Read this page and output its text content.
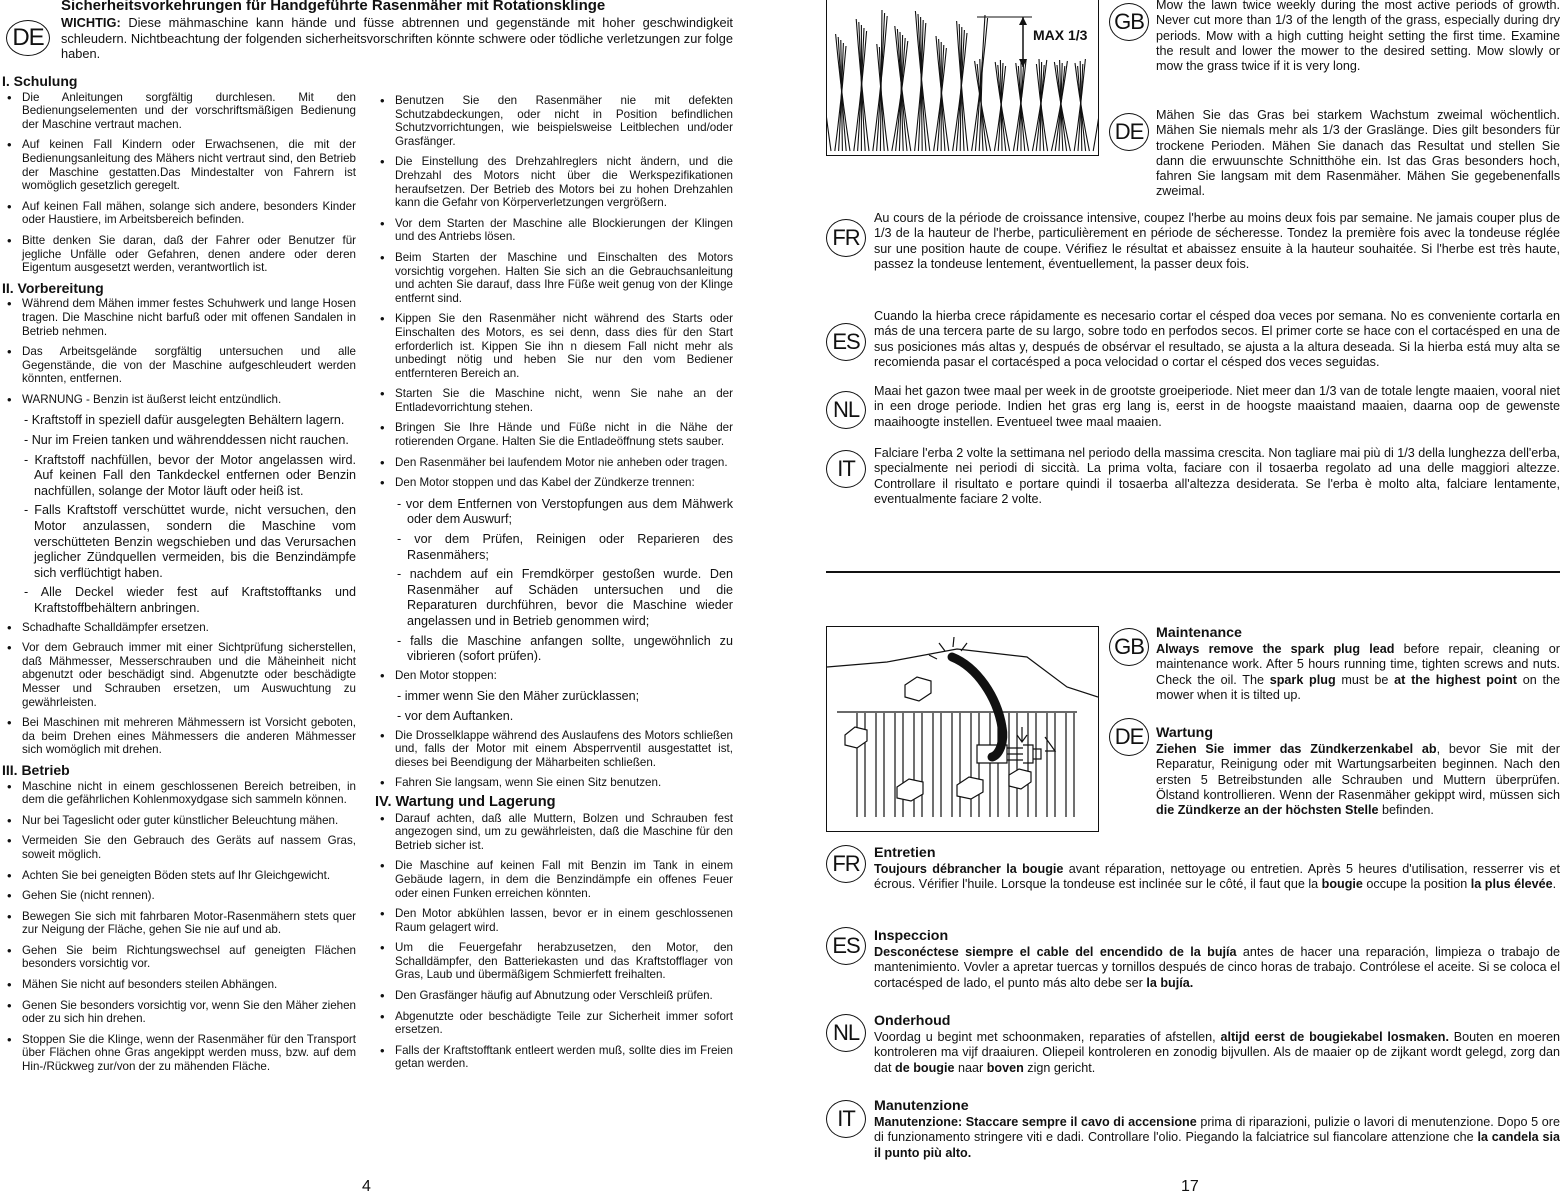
DE
Sicherheitsvorkehrungen für Handgeführte Rasenmäher mit Rotationsklinge
WICHTIG: Diese mähmaschine kann hände und füsse abtrennen und gegenstände mit hoher geschwindigkeit schleudern. Nichtbeachtung der folgenden sicherheitsvorschriften könnte schwere oder tödliche verletzungen zur folge haben.
I. Schulung
• Die Anleitungen sorgfältig durchlesen. Mit den Bedienungselementen und der vorschriftsmäßigen Bedienung der Maschine vertraut machen.
• Auf keinen Fall Kindern oder Erwachsenen, die mit der Bedienungsanleitung des Mähers nicht vertraut sind, den Betrieb der Maschine gestatten.Das Mindestalter von Fahrern ist womöglich gesetzlich geregelt.
• Auf keinen Fall mähen, solange sich andere, besonders Kinder oder Haustiere, im Arbeitsbereich befinden.
• Bitte denken Sie daran, daß der Fahrer oder Benutzer für jegliche Unfälle oder Gefahren, denen andere oder deren Eigentum ausgesetzt werden, verantwortlich ist.
II. Vorbereitung
• Während dem Mähen immer festes Schuhwerk und lange Hosen tragen. Die Maschine nicht barfuß oder mit offenen Sandalen in Betrieb nehmen.
• Das Arbeitsgelände sorgfältig untersuchen und alle Gegenstände, die von der Maschine aufgeschleudert werden könnten, entfernen.
• WARNUNG - Benzin ist äußerst leicht entzündlich.
- Kraftstoff in speziell dafür ausgelegten Behältern lagern.
- Nur im Freien tanken und währenddessen nicht rauchen.
- Kraftstoff nachfüllen, bevor der Motor angelassen wird. Auf keinen Fall den Tankdeckel entfernen oder Benzin nachfüllen, solange der Motor läuft oder heiß ist.
- Falls Kraftstoff verschüttet wurde, nicht versuchen, den Motor anzulassen, sondern die Maschine vom verschütteten Benzin wegschieben und das Verursachen jeglicher Zündquellen vermeiden, bis die Benzindämpfe sich verflüchtigt haben.
- Alle Deckel wieder fest auf Kraftstofftanks und Kraftstoffbehältern anbringen.
• Schadhafte Schalldämpfer ersetzen.
• Vor dem Gebrauch immer mit einer Sichtprüfung sicherstellen, daß Mähmesser, Messerschrauben und die Mäheinheit nicht abgenutzt oder beschädigt sind. Abgenutzte oder beschädigte Messer und Schrauben ersetzen, um Auswuchtung zu gewährleisten.
• Bei Maschinen mit mehreren Mähmessern ist Vorsicht geboten, da beim Drehen eines Mähmessers die anderen Mähmesser sich womöglich mit drehen.
III. Betrieb
• Maschine nicht in einem geschlossenen Bereich betreiben, in dem die gefährlichen Kohlenmoxydgase sich sammeln können.
• Nur bei Tageslicht oder guter künstlicher Beleuchtung mähen.
• Vermeiden Sie den Gebrauch des Geräts auf nassem Gras, soweit möglich.
• Achten Sie bei geneigten Böden stets auf Ihr Gleichgewicht.
• Gehen Sie (nicht rennen).
• Bewegen Sie sich mit fahrbaren Motor-Rasenmähern stets quer zur Neigung der Fläche, gehen Sie nie auf und ab.
• Gehen Sie beim Richtungswechsel auf geneigten Flächen besonders vorsichtig vor.
• Mähen Sie nicht auf besonders steilen Abhängen.
• Genen Sie besonders vorsichtig vor, wenn Sie den Mäher ziehen oder zu sich hin drehen.
• Stoppen Sie die Klinge, wenn der Rasenmäher für den Transport über Flächen ohne Gras angekippt werden muss, bzw. auf dem Hin-/Rückweg zur/von der zu mähenden Fläche.
• Benutzen Sie den Rasenmäher nie mit defekten Schutzabdeckungen, oder nicht in Position befindlichen Schutzvorrichtungen, wie beispielsweise Leitblechen und/oder Grasfänger.
• Die Einstellung des Drehzahlreglers nicht ändern, und die Drehzahl des Motors nicht über die Werkspezifikationen heraufsetzen. Der Betrieb des Motors bei zu hohen Drehzahlen kann die Gefahr von Körperverletzungen vergrößern.
• Vor dem Starten der Maschine alle Blockierungen der Klingen und des Antriebs lösen.
• Beim Starten der Maschine und Einschalten des Motors vorsichtig vorgehen. Halten Sie sich an die Gebrauchsanleitung und achten Sie darauf, dass Ihre Füße weit genug von der Klinge entfernt sind.
• Kippen Sie den Rasenmäher nicht während des Starts oder Einschalten des Motors, es sei denn, dass dies für den Start erforderlich ist. Kippen Sie ihn n diesem Fall nicht mehr als unbedingt nötig und heben Sie nur den vom Bediener entfernteren Bereich an.
• Starten Sie die Maschine nicht, wenn Sie nahe an der Entladevorrichtung stehen.
• Bringen Sie Ihre Hände und Füße nicht in die Nähe der rotierenden Organe. Halten Sie die Entladeöffnung stets sauber.
• Den Rasenmäher bei laufendem Motor nie anheben oder tragen.
• Den Motor stoppen und das Kabel der Zündkerze trennen:
- vor dem Entfernen von Verstopfungen aus dem Mähwerk oder dem Auswurf;
- vor dem Prüfen, Reinigen oder Reparieren des Rasenmähers;
- nachdem auf ein Fremdkörper gestoßen wurde. Den Rasenmäher auf Schäden untersuchen und die Reparaturen durchführen, bevor die Maschine wieder angelassen und in Betrieb genommen wird;
- falls die Maschine anfangen sollte, ungewöhnlich zu vibrieren (sofort prüfen).
• Den Motor stoppen:
- immer wenn Sie den Mäher zurücklassen;
- vor dem Auftanken.
• Die Drosselklappe während des Auslaufens des Motors schließen und, falls der Motor mit einem Absperrventil ausgestattet ist, dieses bei Beendigung der Mäharbeiten schließen.
• Fahren Sie langsam, wenn Sie einen Sitz benutzen.
IV. Wartung und Lagerung
• Darauf achten, daß alle Muttern, Bolzen und Schrauben fest angezogen sind, um zu gewährleisten, daß die Maschine für den Betrieb sicher ist.
• Die Maschine auf keinen Fall mit Benzin im Tank in einem Gebäude lagern, in dem die Benzindämpfe ein offenes Feuer oder einen Funken erreichen könnten.
• Den Motor abkühlen lassen, bevor er in einem geschlossenen Raum gelagert wird.
• Um die Feuergefahr herabzusetzen, den Motor, den Schalldämpfer, den Batteriekasten und das Kraftstofflager von Gras, Laub und übermäßigem Schmierfett freihalten.
• Den Grasfänger häufig auf Abnutzung oder Verschleiß prüfen.
• Abgenutzte oder beschädigte Teile zur Sicherheit immer sofort ersetzen.
• Falls der Kraftstofftank entleert werden muß, sollte dies im Freien getan werden.
4
MAX 1/3
GB
Mow the lawn twice weekly during the most active periods of growth. Never cut more than 1/3 of the length of the grass, especially during dry periods. Mow with a high cutting height setting the first time. Examine the result and lower the mower to the desired setting. Mow slowly or mow the grass twice if it is very long.
DE
Mähen Sie das Gras bei starkem Wachstum zweimal wöchentlich. Mähen Sie niemals mehr als 1/3 der Graslänge. Dies gilt besonders für trockene Perioden. Mähen Sie danach das Resultat und stellen Sie dann die erwuunschte Schnitthöhe ein. Ist das Gras besonders hoch, fahren Sie langsam mit dem Rasenmäher. Mähen Sie gegebenenfalls zweimal.
FR
Au cours de la période de croissance intensive, coupez l'herbe au moins deux fois par semaine. Ne jamais couper plus de 1/3 de la hauteur de l'herbe, particulièrement en période de sécheresse. Tondez la première fois avec la tondeuse réglée sur une position haute de coupe. Vérifiez le résultat et abaissez ensuite à la hauteur souhaitée. Si l'herbe est très haute, passez la tondeuse lentement, éventuellement, la passer deux fois.
ES
Cuando la hierba crece rápidamente es necesario cortar el césped doa veces por semana. No es conveniente cortarla en más de una tercera parte de su largo, sobre todo en perfodos secos. El primer corte se hace con el cortacésped en una de sus posiciones más altas y, después de obsérvar el resultado, se ajusta a la altura deseada. Si la hierba está muy alta se recomienda pasar el cortacésped a poca velocidad o cortar el césped dos veces seguidas.
NL
Maai het gazon twee maal per week in de grootste groeiperiode. Niet meer dan 1/3 van de totale lengte maaien, vooral niet in een droge periode. Indien het gras erg lang is, eerst in de hoogste maaistand maaien, daarna oop de gewenste maaihoogte instellen. Eventueel twee maal maaien.
IT
Falciare l'erba 2 volte la settimana nel periodo della massima crescita. Non tagliare mai più di 1/3 della lunghezza dell'erba, specialmente nei periodi di siccità. La prima volta, faciare con il tosaerba regolato ad una delle maggiori altezze. Controllare il risultato e portare quindi il tosaerba all'altezza desiderata. Se l'erba è molto alta, falciare lentamente, eventualmente faciare 2 volte.
GB
Maintenance
Always remove the spark plug lead before repair, cleaning or maintenance work. After 5 hours running time, tighten screws and nuts. Check the oil. The spark plug must be at the highest point on the mower when it is tilted up.
DE Wartung
Ziehen Sie immer das Zündkerzenkabel ab, bevor Sie mit der Reparatur, Reinigung oder mit Wartungsarbeiten beginnen. Nach den ersten 5 Betreibstunden alle Schrauben und Muttern überprüfen. Ölstand kontrollieren. Wenn der Rasenmäher gekippt wird, müssen sich die Zündkerze an der höchsten Stelle befinden.
FR	Entretien
Toujours débrancher la bougie avant réparation, nettoyage ou entretien. Après 5 heures d'utilisation, resserrer vis et écrous. Vérifier l'huile. Lorsque la tondeuse est inclinée sur le côté, il faut que la bougie occupe la position la plus élevée.
ES	Inspeccion
Desconéctese siempre el cable del encendido de la bujía antes de hacer una reparación, limpieza o trabajo de mantenimiento. Vovler a apretar tuercas y tornillos después de cinco horas de trabajo. Contrólese el aceite. Si se coloca el cortacésped de lado, el punto más alto debe ser la bujía.
NL	Onderhoud
Voordag u begint met schoonmaken, reparaties of afstellen, altijd eerst de bougiekabel losmaken. Bouten en moeren kontroleren ma vijf draaiuren. Oliepeil kontroleren en zonodig bijvullen. Als de maaier op de zijkant wordt gelegd, zorg dan dat de bougie naar boven zign gericht.
IT	Manutenzione
Manutenzione: Staccare sempre il cavo di accensione prima di riparazioni, pulizie o lavori di menutenzione. Dopo 5 ore di funzionamento stringere viti e dadi. Controllare l'olio. Piegando la falciatrice sul fiancolare attenzione che la candela sia il punto più alto.
17
